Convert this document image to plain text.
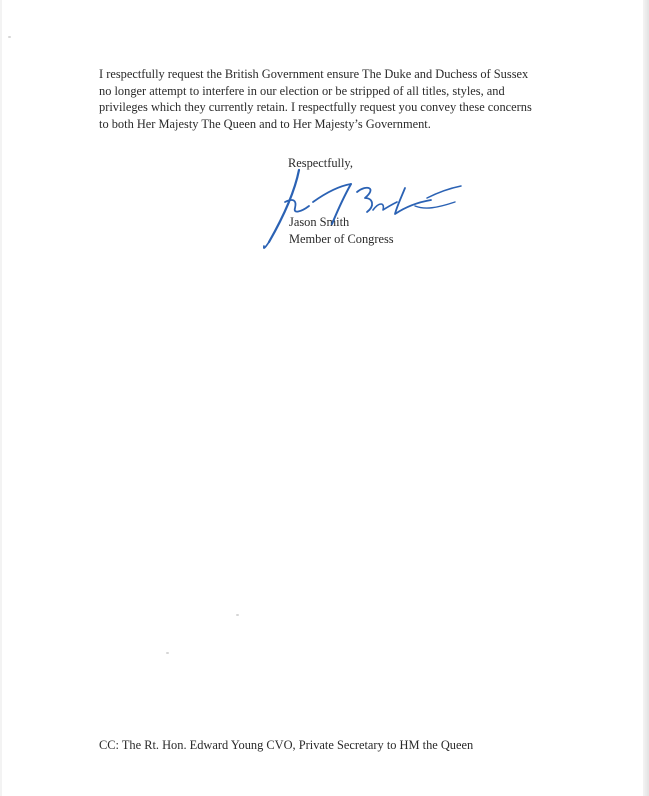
I respectfully request the British Government ensure The Duke and Duchess of Sussex
no longer attempt to interfere in our election or be stripped of all titles, styles, and
privileges which they currently retain. I respectfully request you convey these concerns
to both Her Majesty The Queen and to Her Majesty’s Government.

Respectfully,
Jason Smith
Member of Congress
CC: The Rt. Hon. Edward Young CVO, Private Secretary to HM the Queen
